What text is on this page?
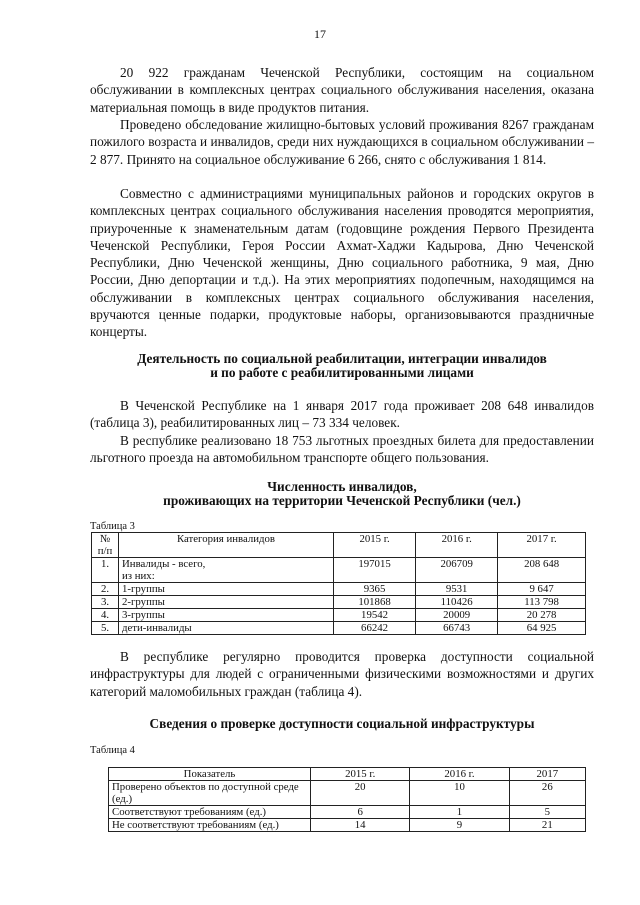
17

20 922 гражданам Чеченской Республики, состоящим на социальном обслуживании в комплексных центрах социального обслуживания населения, оказана материальная помощь в виде продуктов питания.

Проведено обследование жилищно-бытовых условий проживания 8267 гражданам пожилого возраста и инвалидов, среди них нуждающихся в социальном обслуживании – 2 877. Принято на социальное обслуживание 6 266, снято с обслуживания 1 814.

Совместно с администрациями муниципальных районов и городских округов в комплексных центрах социального обслуживания населения проводятся мероприятия, приуроченные к знаменательным датам (годовщине рождения Первого Президента Чеченской Республики, Героя России Ахмат-Хаджи Кадырова, Дню Чеченской Республики, Дню Чеченской женщины, Дню социального работника, 9 мая, Дню России, Дню депортации и т.д.). На этих мероприятиях подопечным, находящимся на обслуживании в комплексных центрах социального обслуживания населения, вручаются ценные подарки, продуктовые наборы, организовываются праздничные концерты.

Деятельность по социальной реабилитации, интеграции инвалидов
и по работе с реабилитированными лицами

В Чеченской Республике на 1 января 2017 года проживает 208 648 инвалидов (таблица 3), реабилитированных лиц – 73 334 человек.

В республике реализовано 18 753 льготных проездных билета для предоставлении льготного проезда на автомобильном транспорте общего пользования.

Численность инвалидов,
проживающих на территории Чеченской Республики (чел.)

Таблица 3
№ п/п	Категория инвалидов	2015 г.	2016 г.	2017 г.
1.	Инвалиды - всего,
из них:	197015	206709	208 648
2.	1-группы	9365	9531	9 647
3.	2-группы	101868	110426	113 798
4.	3-группы	19542	20009	20 278
5.	дети-инвалиды	66242	66743	64 925

В республике регулярно проводится проверка доступности социальной инфраструктуры для людей с ограниченными физическими возможностями и других категорий маломобильных граждан (таблица 4).

Сведения о проверке доступности социальной инфраструктуры

Таблица 4
Показатель	2015 г.	2016 г.	2017
Проверено объектов по доступной среде (ед.)	20	10	26
Соответствуют требованиям (ед.)	6	1	5
Не соответствуют требованиям (ед.)	14	9	21
